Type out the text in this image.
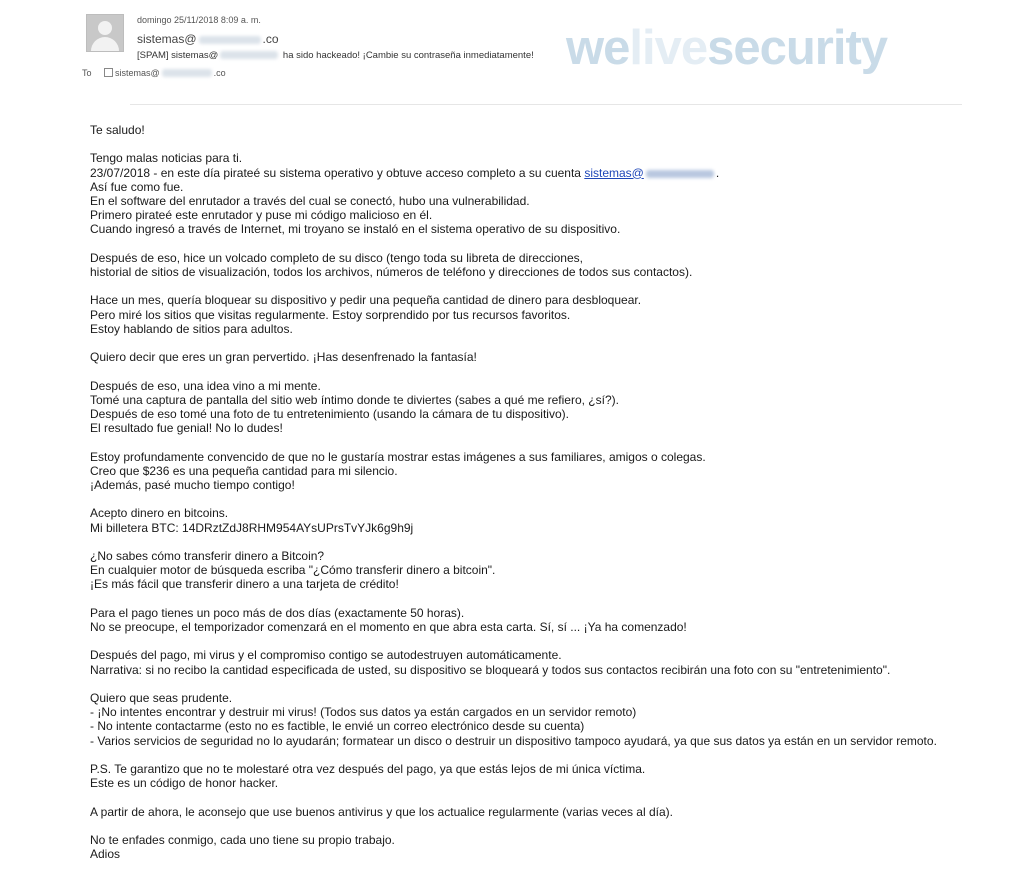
domingo 25/11/2018 8:09 a. m.
sistemas@	.co
[SPAM] sistemas@	ha sido hackeado! ¡Cambie su contraseña inmediatamente!
To	sistemas@	.co	welivesecurity
Te saludo!
Tengo malas noticias para ti.
23/07/2018 - en este día pirateé su sistema operativo y obtuve acceso completo a su cuenta sistemas@	.
Así fue como fue.
En el software del enrutador a través del cual se conectó, hubo una vulnerabilidad.
Primero pirateé este enrutador y puse mi código malicioso en él.
Cuando ingresó a través de Internet, mi troyano se instaló en el sistema operativo de su dispositivo.
Después de eso, hice un volcado completo de su disco (tengo toda su libreta de direcciones,
historial de sitios de visualización, todos los archivos, números de teléfono y direcciones de todos sus contactos).
Hace un mes, quería bloquear su dispositivo y pedir una pequeña cantidad de dinero para desbloquear.
Pero miré los sitios que visitas regularmente. Estoy sorprendido por tus recursos favoritos.
Estoy hablando de sitios para adultos.
Quiero decir que eres un gran pervertido. ¡Has desenfrenado la fantasía!
Después de eso, una idea vino a mi mente.
Tomé una captura de pantalla del sitio web íntimo donde te diviertes (sabes a qué me refiero, ¿sí?).
Después de eso tomé una foto de tu entretenimiento (usando la cámara de tu dispositivo).
El resultado fue genial! No lo dudes!
Estoy profundamente convencido de que no le gustaría mostrar estas imágenes a sus familiares, amigos o colegas.
Creo que $236 es una pequeña cantidad para mi silencio.
¡Además, pasé mucho tiempo contigo!
Acepto dinero en bitcoins.
Mi billetera BTC: 14DRztZdJ8RHM954AYsUPrsTvYJk6g9h9j
¿No sabes cómo transferir dinero a Bitcoin?
En cualquier motor de búsqueda escriba "¿Cómo transferir dinero a bitcoin".
¡Es más fácil que transferir dinero a una tarjeta de crédito!
Para el pago tienes un poco más de dos días (exactamente 50 horas).
No se preocupe, el temporizador comenzará en el momento en que abra esta carta. Sí, sí ... ¡Ya ha comenzado!
Después del pago, mi virus y el compromiso contigo se autodestruyen automáticamente.
Narrativa: si no recibo la cantidad especificada de usted, su dispositivo se bloqueará y todos sus contactos recibirán una foto con su "entretenimiento".
Quiero que seas prudente.
- ¡No intentes encontrar y destruir mi virus! (Todos sus datos ya están cargados en un servidor remoto)
- No intente contactarme (esto no es factible, le envié un correo electrónico desde su cuenta)
- Varios servicios de seguridad no lo ayudarán; formatear un disco o destruir un dispositivo tampoco ayudará, ya que sus datos ya están en un servidor remoto.
P.S. Te garantizo que no te molestaré otra vez después del pago, ya que estás lejos de mi única víctima.
Este es un código de honor hacker.
A partir de ahora, le aconsejo que use buenos antivirus y que los actualice regularmente (varias veces al día).
No te enfades conmigo, cada uno tiene su propio trabajo.
Adios
